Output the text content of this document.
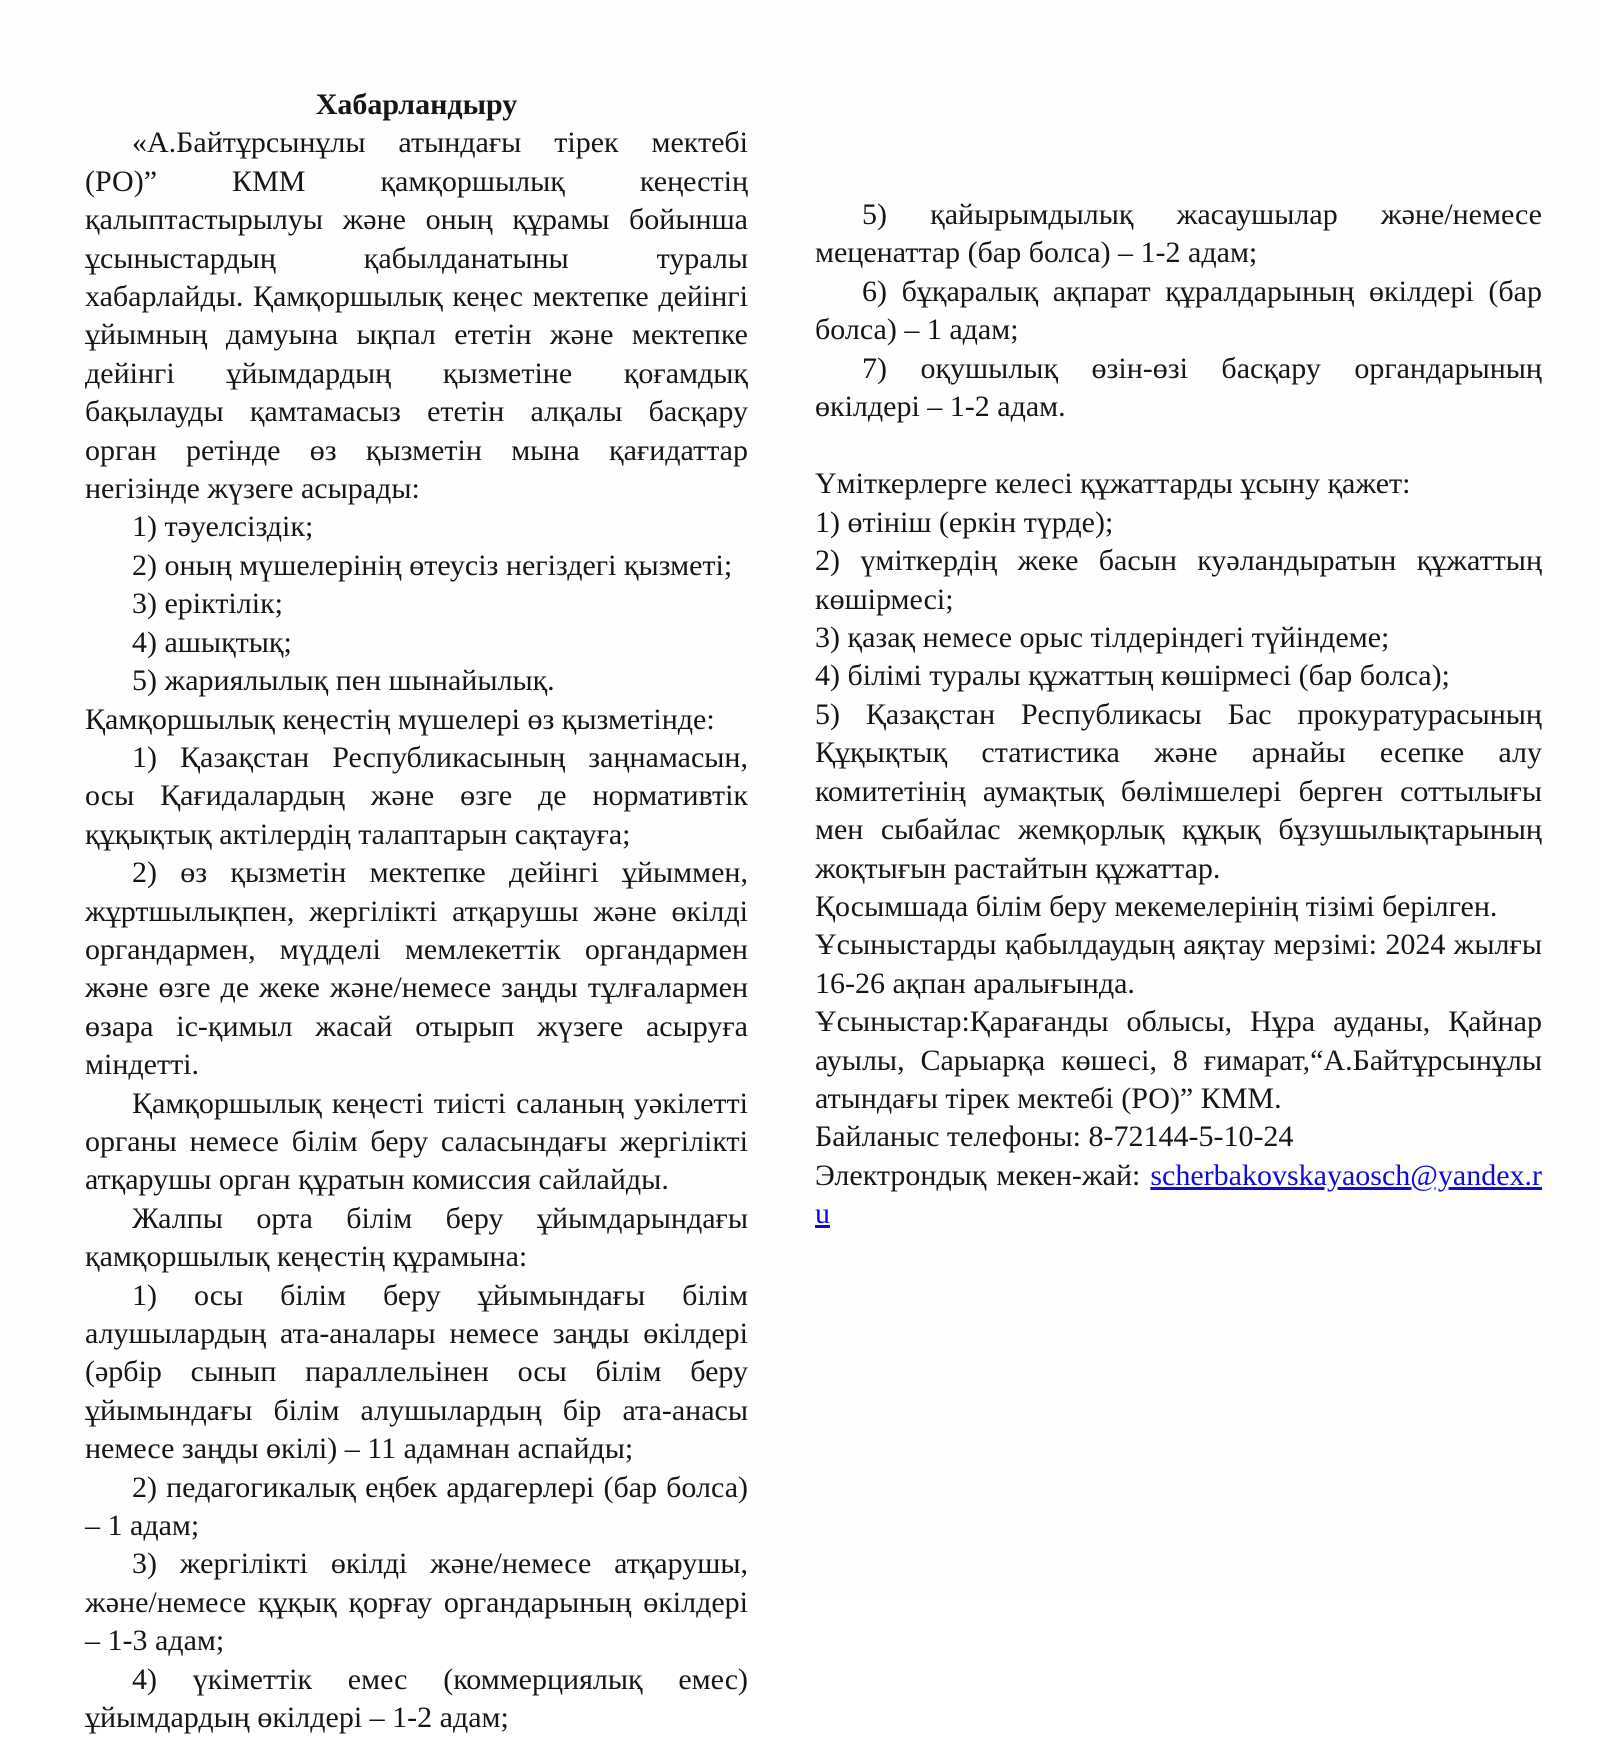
Хабарландыру

«А.Байтұрсынұлы атындағы тірек мектебі (РО)” КММ қамқоршылық кеңестің қалыптастырылуы және оның құрамы бойынша ұсыныстардың қабылданатыны туралы хабарлайды. Қамқоршылық кеңес мектепке дейінгі ұйымның дамуына ықпал ететін және мектепке дейінгі ұйымдардың қызметіне қоғамдық бақылауды қамтамасыз ететін алқалы басқару орган ретінде өз қызметін мына қағидаттар негізінде жүзеге асырады:

1) тәуелсіздік;

2) оның мүшелерінің өтеусіз негіздегі қызметі;

3) еріктілік;

4) ашықтық;

5) жариялылық пен шынайылық.

Қамқоршылық кеңестің мүшелері өз қызметінде:

1) Қазақстан Республикасының заңнамасын, осы Қағидалардың және өзге де нормативтік құқықтық актілердің талаптарын сақтауға;

2) өз қызметін мектепке дейінгі ұйыммен, жұртшылықпен, жергілікті атқарушы және өкілді органдармен, мүдделі мемлекеттік органдармен және өзге де жеке және/немесе заңды тұлғалармен өзара іс-қимыл жасай отырып жүзеге асыруға міндетті.

Қамқоршылық кеңесті тиісті саланың уәкілетті органы немесе білім беру саласындағы жергілікті атқарушы орган құратын комиссия сайлайды.

Жалпы орта білім беру ұйымдарындағы қамқоршылық кеңестің құрамына:

1) осы білім беру ұйымындағы білім алушылардың ата-аналары немесе заңды өкілдері (әрбір сынып параллельінен осы білім беру ұйымындағы білім алушылардың бір ата-анасы немесе заңды өкілі) – 11 адамнан аспайды;

2) педагогикалық еңбек ардагерлері (бар болса) – 1 адам;

3) жергілікті өкілді және/немесе атқарушы, және/немесе құқық қорғау органдарының өкілдері – 1-3 адам;

4) үкіметтік емес (коммерциялық емес) ұйымдардың өкілдері – 1-2 адам;

5) қайырымдылық жасаушылар және/немесе меценаттар (бар болса) – 1-2 адам;

6) бұқаралық ақпарат құралдарының өкілдері (бар болса) – 1 адам;

7) оқушылық өзін-өзі басқару органдарының өкілдері – 1-2 адам.

Үміткерлерге келесі құжаттарды ұсыну қажет:

1) өтініш (еркін түрде);

2) үміткердің жеке басын куәландыратын құжаттың көшірмесі;

3) қазақ немесе орыс тілдеріндегі түйіндеме;

4) білімі туралы құжаттың көшірмесі (бар болса);

5) Қазақстан Республикасы Бас прокуратурасының Құқықтық статистика және арнайы есепке алу комитетінің аумақтық бөлімшелері берген соттылығы мен сыбайлас жемқорлық құқық бұзушылықтарының жоқтығын растайтын құжаттар.

Қосымшада білім беру мекемелерінің тізімі берілген.

Ұсыныстарды қабылдаудың аяқтау мерзімі: 2024 жылғы 16-26 ақпан аралығында.

Ұсыныстар:Қарағанды облысы, Нұра ауданы, Қайнар ауылы, Сарыарқа көшесі, 8 ғимарат,“А.Байтұрсынұлы атындағы тірек мектебі (РО)” КММ.

Байланыс телефоны: 8-72144-5-10-24

Электрондық мекен-жай: scherbakovskayaosch@yandex.ru
